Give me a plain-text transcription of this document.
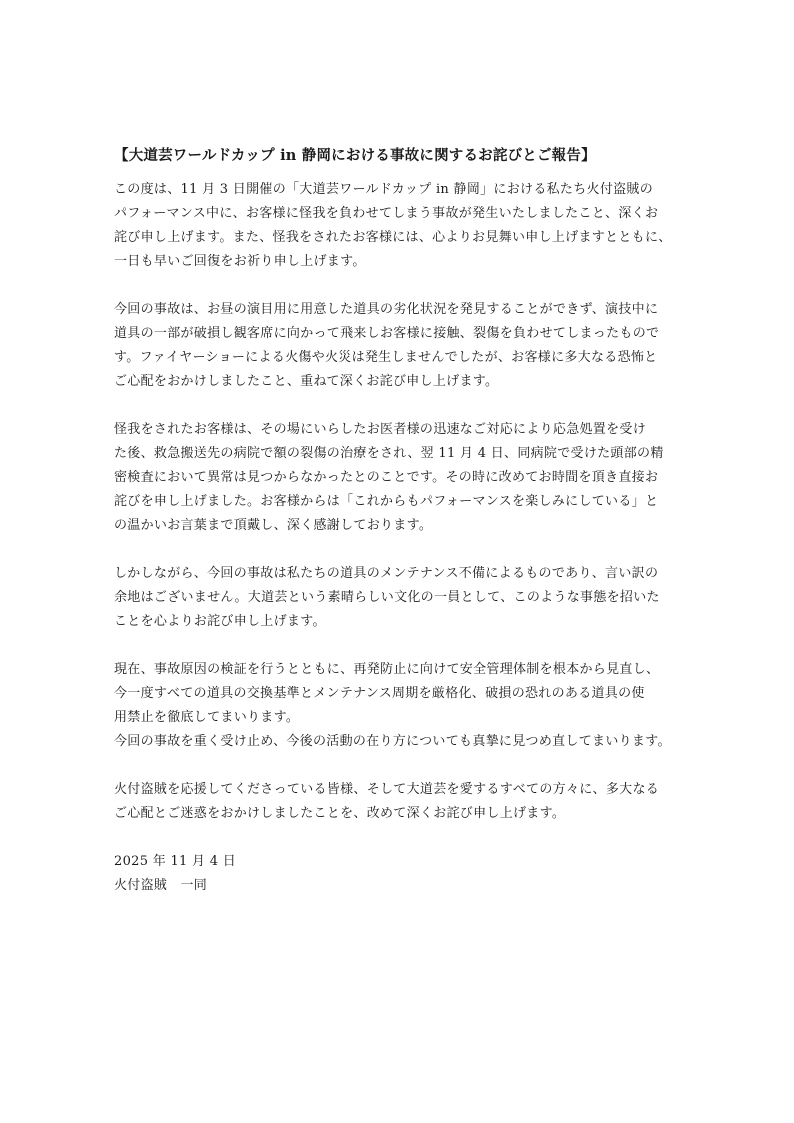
【大道芸ワールドカップ in 静岡における事故に関するお詫びとご報告】
この度は、11 月 3 日開催の「大道芸ワールドカップ in 静岡」における私たち火付盗賊の
パフォーマンス中に、お客様に怪我を負わせてしまう事故が発生いたしましたこと、深くお
詫び申し上げます。また、怪我をされたお客様には、心よりお見舞い申し上げますとともに、
一日も早いご回復をお祈り申し上げます。
今回の事故は、お昼の演目用に用意した道具の劣化状況を発見することができず、演技中に
道具の一部が破損し観客席に向かって飛来しお客様に接触、裂傷を負わせてしまったもので
す。ファイヤーショーによる火傷や火災は発生しませんでしたが、お客様に多大なる恐怖と
ご心配をおかけしましたこと、重ねて深くお詫び申し上げます。
怪我をされたお客様は、その場にいらしたお医者様の迅速なご対応により応急処置を受け
た後、救急搬送先の病院で額の裂傷の治療をされ、翌 11 月 4 日、同病院で受けた頭部の精
密検査において異常は見つからなかったとのことです。その時に改めてお時間を頂き直接お
詫びを申し上げました。お客様からは「これからもパフォーマンスを楽しみにしている」と
の温かいお言葉まで頂戴し、深く感謝しております。
しかしながら、今回の事故は私たちの道具のメンテナンス不備によるものであり、言い訳の
余地はございません。大道芸という素晴らしい文化の一員として、このような事態を招いた
ことを心よりお詫び申し上げます。
現在、事故原因の検証を行うとともに、再発防止に向けて安全管理体制を根本から見直し、
今一度すべての道具の交換基準とメンテナンス周期を厳格化、破損の恐れのある道具の使
用禁止を徹底してまいります。
今回の事故を重く受け止め、今後の活動の在り方についても真摯に見つめ直してまいります。
火付盗賊を応援してくださっている皆様、そして大道芸を愛するすべての方々に、多大なる
ご心配とご迷惑をおかけしましたことを、改めて深くお詫び申し上げます。
2025 年 11 月 4 日
火付盗賊　一同
